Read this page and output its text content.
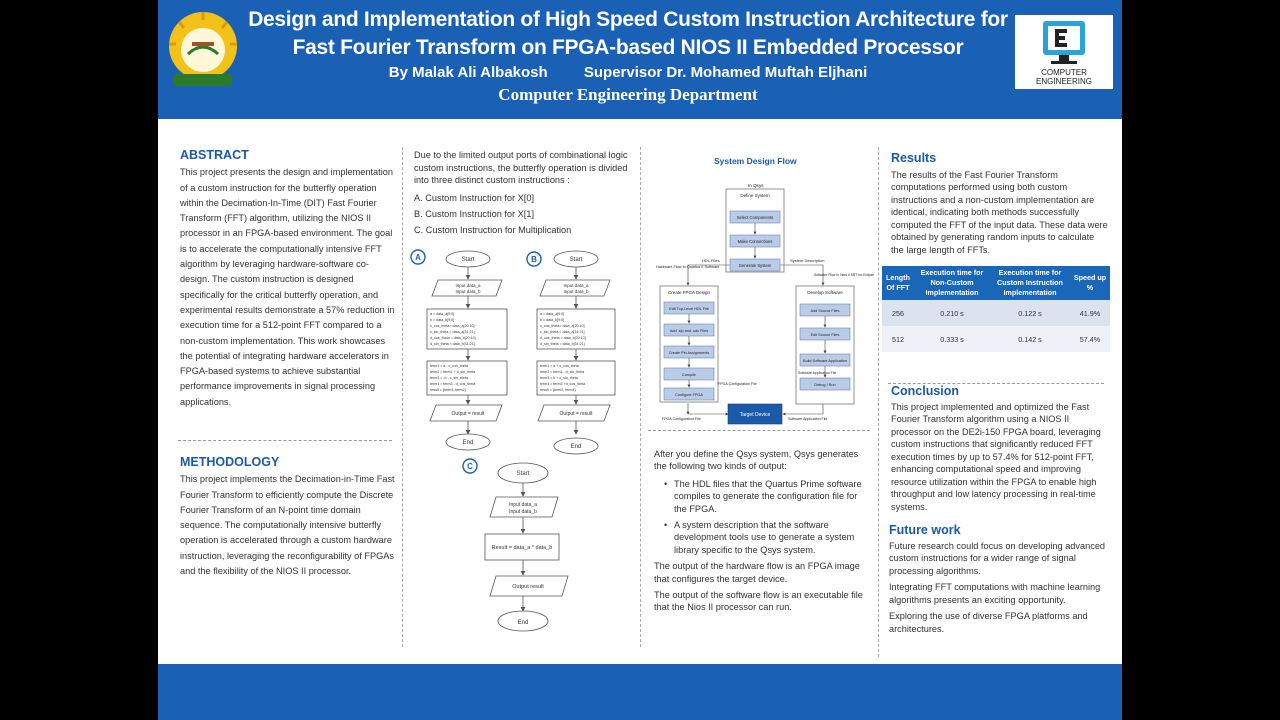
Design and Implementation of High Speed Custom Instruction Architecture for
Fast Fourier Transform on FPGA-based NIOS II Embedded Processor
By Malak Ali Albakosh Supervisor Dr. Mohamed Muftah Eljhani
Computer Engineering Department
COMPUTER
ENGINEERING
ABSTRACT

This project presents the design and implementation of a custom instruction for the butterfly operation within the Decimation-In-Time (DIT) Fast Fourier Transform (FFT) algorithm, utilizing the NIOS II processor in an FPGA-based environment. The goal is to accelerate the computationally intensive FFT algorithm by leveraging hardware-software co-design. The custom instruction is designed specifically for the critical butterfly operation, and experimental results demonstrate a 57% reduction in execution time for a 512-point FFT compared to a non-custom implementation. This work showcases the potential of integrating hardware accelerators in FPGA-based systems to achieve substantial performance improvements in signal processing applications.

METHODOLOGY

This project implements the Decimation-in-Time Fast Fourier Transform to efficiently compute the Discrete Fourier Transform of an N-point time domain sequence. The computationally intensive butterfly operation is accelerated through a custom hardware instruction, leveraging the reconfigurability of FPGAs and the flexibility of the NIOS II processor.

Due to the limited output ports of combinational logic custom instructions, the butterfly operation is divided into three distinct custom instructions :

A. Custom Instruction for X[0]

B. Custom Instruction for X[1]

C. Custom Instruction for Multiplication

A	B
C
Start
Input data_a
Input data_b
End
Output = result
Start
Input data_a
Input data_b
End
Output = result
Start
Input data_a
Input data_b
Result = data_a * data_b
Output result
End
a = data_a[9:0]
b = data_b[9:0]
c_cos_theta= data_a[20:10]
c_sin_theta = data_a[31:21]
d_cos_theta = data_b[20:10]
d_sin_theta = data_b[31:21]
term1 = a - c_cos_theta
term2 = term1 + d_sin_theta
term3 = -b - c_sin_theta
term4 = term3 - d_cos_theta
result = {term4, term2}
a = data_a[9:0]
b = data_b[9:0]
c_cos_theta= data_a[20:10]
c_sin_theta = data_a[31:21]
d_cos_theta = data_b[20:10]
d_sin_theta = data_b[31:21]
term1 = a + c_cos_theta
term2 = term1 - d_sin_theta
term3 = b + c_sin_theta
term4 = term3 +d_cos_theta
result = {term2, term4}
System Design Flow
In Qsys
Define System
Select Components
Make Connections
Generate System
HDL Files	System Description
Hardware Flow In Quartus II Software
Software Flow In Nios II SBT for Eclipse
Create FPGA Design
Edit Top-Level HDL File
Add .sip and .sdc Files
Create Pin Assignments
Compile
Configure FPGA
FPGA Configuration File
Develop Software
Add Source Files
Edit Source Files
Build Software Application
Debug / Run
Software Application File
Target Device
FPGA Configuration File	Software Application File

After you define the Qsys system, Qsys generates the following two kinds of output:

• The HDL files that the Quartus Prime software compiles to generate the configuration file for the FPGA.
• A system description that the software development tools use to generate a system library specific to the Qsys system.

The output of the hardware flow is an FPGA image that configures the target device.

The output of the software flow is an executable file that the Nios II processor can run.

Results

The results of the Fast Fourier Transform computations performed using both custom instructions and a non-custom implementation are identical, indicating both methods successfully computed the FFT of the input data. These data were obtained by generating random inputs to calculate the large length of FFTs.

Length Of FFT	Execution time for Non-Custom Implementation	Execution time for Custom Instruction Implementation	Speed up %
256	0.210 s	0.122 s	41.9%
512	0.333 s	0.142 s	57.4%
Conclusion

This project implemented and optimized the Fast Fourier Transform algorithm using a NIOS II processor on the DE2i-150 FPGA board, leveraging custom instructions that significantly reduced FFT execution times by up to 57.4% for 512-point FFT, enhancing computational speed and improving resource utilization within the FPGA to enable high throughput and low latency processing in real-time systems.

Future work

Future research could focus on developing advanced custom instructions for a wider range of signal processing algorithms.

Integrating FFT computations with machine learning algorithms presents an exciting opportunity.

Exploring the use of diverse FPGA platforms and architectures.
